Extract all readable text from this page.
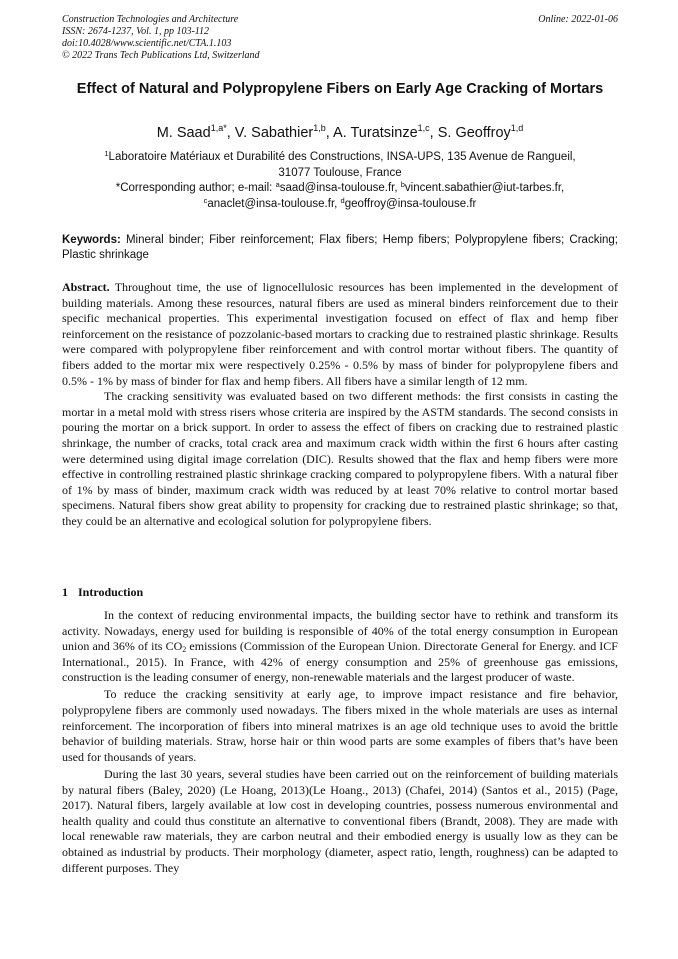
Construction Technologies and Architecture
ISSN: 2674-1237, Vol. 1, pp 103-112
doi:10.4028/www.scientific.net/CTA.1.103
© 2022 Trans Tech Publications Ltd, Switzerland
Online: 2022-01-06
Effect of Natural and Polypropylene Fibers on Early Age Cracking of Mortars
M. Saad$^{1,a*}$, V. Sabathier$^{1,b}$, A. Turatsinze$^{1,c}$, S. Geoffroy$^{1,d}$
$^1$Laboratoire Matériaux et Durabilité des Constructions, INSA-UPS, 135 Avenue de Rangueil,
31077 Toulouse, France
*Corresponding author; e-mail: $^a$saad@insa-toulouse.fr, $^b$vincent.sabathier@iut-tarbes.fr,
$^c$anaclet@insa-toulouse.fr, $^d$geoffroy@insa-toulouse.fr
Keywords: Mineral binder; Fiber reinforcement; Flax fibers; Hemp fibers; Polypropylene fibers; Cracking; Plastic shrinkage

Abstract. Throughout time, the use of lignocellulosic resources has been implemented in the development of building materials. Among these resources, natural fibers are used as mineral binders reinforcement due to their specific mechanical properties. This experimental investigation focused on effect of flax and hemp fiber reinforcement on the resistance of pozzolanic-based mortars to cracking due to restrained plastic shrinkage. Results were compared with polypropylene fiber reinforcement and with control mortar without fibers. The quantity of fibers added to the mortar mix were respectively 0.25% - 0.5% by mass of binder for polypropylene fibers and 0.5% - 1% by mass of binder for flax and hemp fibers. All fibers have a similar length of 12 mm.

The cracking sensitivity was evaluated based on two different methods: the first consists in casting the mortar in a metal mold with stress risers whose criteria are inspired by the ASTM standards. The second consists in pouring the mortar on a brick support. In order to assess the effect of fibers on cracking due to restrained plastic shrinkage, the number of cracks, total crack area and maximum crack width within the first 6 hours after casting were determined using digital image correlation (DIC). Results showed that the flax and hemp fibers were more effective in controlling restrained plastic shrinkage cracking compared to polypropylene fibers. With a natural fiber of 1% by mass of binder, maximum crack width was reduced by at least 70% relative to control mortar based specimens. Natural fibers show great ability to propensity for cracking due to restrained plastic shrinkage; so that, they could be an alternative and ecological solution for polypropylene fibers.

1 Introduction

In the context of reducing environmental impacts, the building sector have to rethink and transform its activity. Nowadays, energy used for building is responsible of 40% of the total energy consumption in European union and 36% of its $CO_2$ emissions (Commission of the European Union. Directorate General for Energy. and ICF International., 2015). In France, with 42% of energy consumption and 25% of greenhouse gas emissions, construction is the leading consumer of energy, non-renewable materials and the largest producer of waste.

To reduce the cracking sensitivity at early age, to improve impact resistance and fire behavior, polypropylene fibers are commonly used nowadays. The fibers mixed in the whole materials are uses as internal reinforcement. The incorporation of fibers into mineral matrixes is an age old technique uses to avoid the brittle behavior of building materials. Straw, horse hair or thin wood parts are some examples of fibers that’s have been used for thousands of years.

During the last 30 years, several studies have been carried out on the reinforcement of building materials by natural fibers (Baley, 2020) (Le Hoang, 2013)(Le Hoang., 2013) (Chafei, 2014) (Santos et al., 2015) (Page, 2017). Natural fibers, largely available at low cost in developing countries, possess numerous environmental and health quality and could thus constitute an alternative to conventional fibers (Brandt, 2008). They are made with local renewable raw materials, they are carbon neutral and their embodied energy is usually low as they can be obtained as industrial by products. Their morphology (diameter, aspect ratio, length, roughness) can be adapted to different purposes. They
